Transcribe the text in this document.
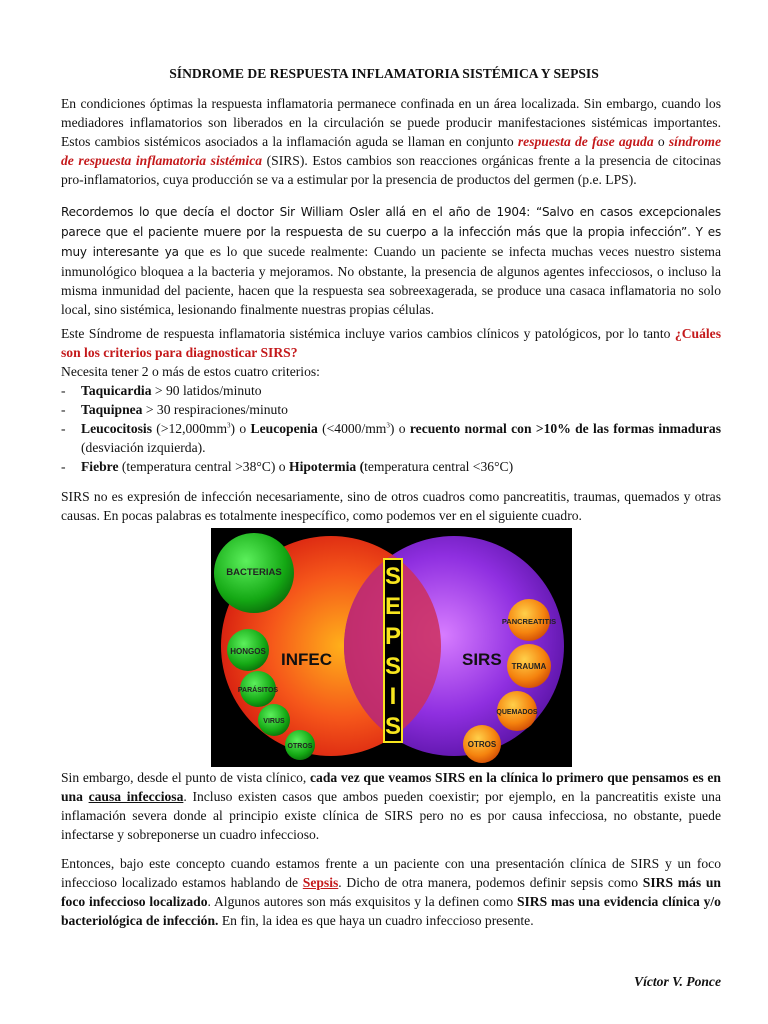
SÍNDROME DE RESPUESTA INFLAMATORIA SISTÉMICA Y SEPSIS

En condiciones óptimas la respuesta inflamatoria permanece confinada en un área localizada. Sin embargo, cuando los mediadores inflamatorios son liberados en la circulación se puede producir manifestaciones sistémicas importantes. Estos cambios sistémicos asociados a la inflamación aguda se llaman en conjunto respuesta de fase aguda o síndrome de respuesta inflamatoria sistémica (SIRS). Estos cambios son reacciones orgánicas frente a la presencia de citocinas pro-inflamatorios, cuya producción se va a estimular por la presencia de productos del germen (p.e. LPS).

Recordemos lo que decía el doctor Sir William Osler allá en el año de 1904: “Salvo en casos excepcionales parece que el paciente muere por la respuesta de su cuerpo a la infección más que la propia infección”. Y es muy interesante ya que es lo que sucede realmente: Cuando un paciente se infecta muchas veces nuestro sistema inmunológico bloquea a la bacteria y mejoramos. No obstante, la presencia de algunos agentes infecciosos, o incluso la misma inmunidad del paciente, hacen que la respuesta sea sobreexagerada, se produce una casaca inflamatoria no solo local, sino sistémica, lesionando finalmente nuestras propias células.

Este Síndrome de respuesta inflamatoria sistémica incluye varios cambios clínicos y patológicos, por lo tanto ¿Cuáles son los criterios para diagnosticar SIRS?
Necesita tener 2 o más de estos cuatro criterios:
- Taquicardia > 90 latidos/minuto
- Taquipnea > 30 respiraciones/minuto
- Leucocitosis $(>12,000mm^3)$ o Leucopenia $(<4000/mm^3)$ o recuento normal con >10% de las formas inmaduras (desviación izquierda).
- Fiebre (temperatura central >38°C) o Hipotermia (temperatura central <36°C)

SIRS no es expresión de infección necesariamente, sino de otros cuadros como pancreatitis, traumas, quemados y otras causas. En pocas palabras es totalmente inespecífico, como podemos ver en el siguiente cuadro.

INFEC	SIRS
S
E
P
S
I
S
BACTERIAS
HONGOS
PARÁSITOS
VIRUS
OTROS
PANCREATITIS
TRAUMA
QUEMADOS
OTROS

Sin embargo, desde el punto de vista clínico, cada vez que veamos SIRS en la clínica lo primero que pensamos es en una causa infecciosa. Incluso existen casos que ambos pueden coexistir; por ejemplo, en la pancreatitis existe una inflamación severa donde al principio existe clínica de SIRS pero no es por causa infecciosa, no obstante, puede infectarse y sobreponerse un cuadro infeccioso.

Entonces, bajo este concepto cuando estamos frente a un paciente con una presentación clínica de SIRS y un foco infeccioso localizado estamos hablando de Sepsis. Dicho de otra manera, podemos definir sepsis como SIRS más un foco infeccioso localizado. Algunos autores son más exquisitos y la definen como SIRS mas una evidencia clínica y/o bacteriológica de infección. En fin, la idea es que haya un cuadro infeccioso presente.

Víctor V. Ponce
